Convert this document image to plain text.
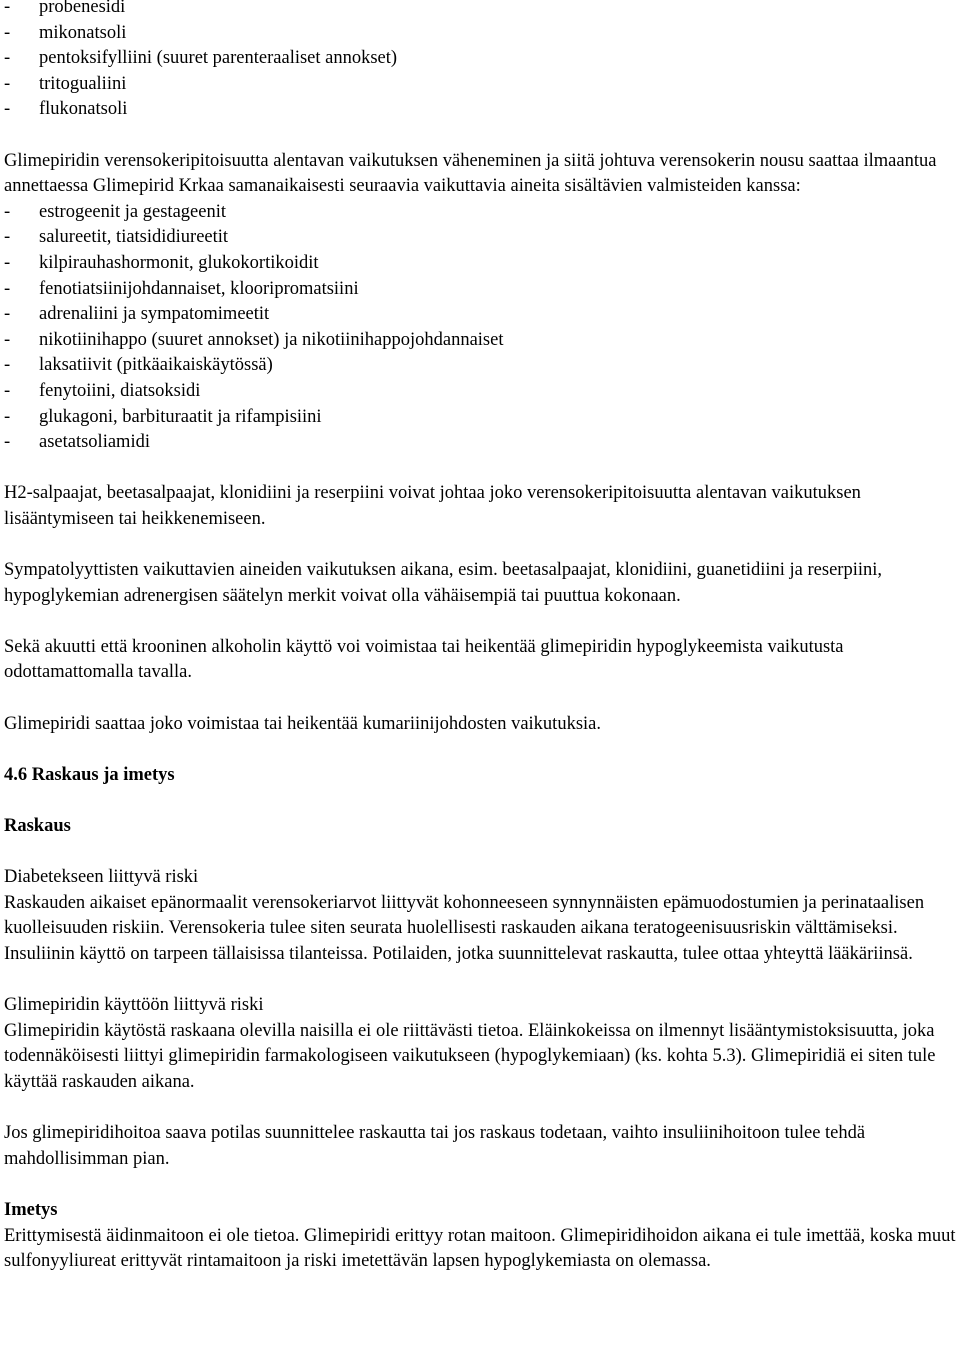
- probenesidi
- mikonatsoli
- pentoksifylliini (suuret parenteraaliset annokset)
- tritogualiini
- flukonatsoli

Glimepiridin verensokeripitoisuutta alentavan vaikutuksen väheneminen ja siitä johtuva verensokerin nousu saattaa ilmaantua annettaessa Glimepirid Krkaa samanaikaisesti seuraavia vaikuttavia aineita sisältävien valmisteiden kanssa:

- estrogeenit ja gestageenit
- salureetit, tiatsididiureetit
- kilpirauhashormonit, glukokortikoidit
- fenotiatsiinijohdannaiset, klooripromatsiini
- adrenaliini ja sympatomimeetit
- nikotiinihappo (suuret annokset) ja nikotiinihappojohdannaiset
- laksatiivit (pitkäaikaiskäytössä)
- fenytoiini, diatsoksidi
- glukagoni, barbituraatit ja rifampisiini
- asetatsoliamidi

H2-salpaajat, beetasalpaajat, klonidiini ja reserpiini voivat johtaa joko verensokeripitoisuutta alentavan vaikutuksen lisääntymiseen tai heikkenemiseen.

Sympatolyyttisten vaikuttavien aineiden vaikutuksen aikana, esim. beetasalpaajat, klonidiini, guanetidiini ja reserpiini, hypoglykemian adrenergisen säätelyn merkit voivat olla vähäisempiä tai puuttua kokonaan.

Sekä akuutti että krooninen alkoholin käyttö voi voimistaa tai heikentää glimepiridin hypoglykeemista vaikutusta odottamattomalla tavalla.

Glimepiridi saattaa joko voimistaa tai heikentää kumariinijohdosten vaikutuksia.

4.6 Raskaus ja imetys

Raskaus

Diabetekseen liittyvä riski

Raskauden aikaiset epänormaalit verensokeriarvot liittyvät kohonneeseen synnynnäisten epämuodostumien ja perinataalisen kuolleisuuden riskiin. Verensokeria tulee siten seurata huolellisesti raskauden aikana teratogeenisuusriskin välttämiseksi. Insuliinin käyttö on tarpeen tällaisissa tilanteissa. Potilaiden, jotka suunnittelevat raskautta, tulee ottaa yhteyttä lääkäriinsä.

Glimepiridin käyttöön liittyvä riski

Glimepiridin käytöstä raskaana olevilla naisilla ei ole riittävästi tietoa. Eläinkokeissa on ilmennyt lisääntymistoksisuutta, joka todennäköisesti liittyi glimepiridin farmakologiseen vaikutukseen (hypoglykemiaan) (ks. kohta 5.3). Glimepiridiä ei siten tule käyttää raskauden aikana.

Jos glimepiridihoitoa saava potilas suunnittelee raskautta tai jos raskaus todetaan, vaihto insuliinihoitoon tulee tehdä mahdollisimman pian.

Imetys

Erittymisestä äidinmaitoon ei ole tietoa. Glimepiridi erittyy rotan maitoon. Glimepiridihoidon aikana ei tule imettää, koska muut sulfonyyliureat erittyvät rintamaitoon ja riski imetettävän lapsen hypoglykemiasta on olemassa.
